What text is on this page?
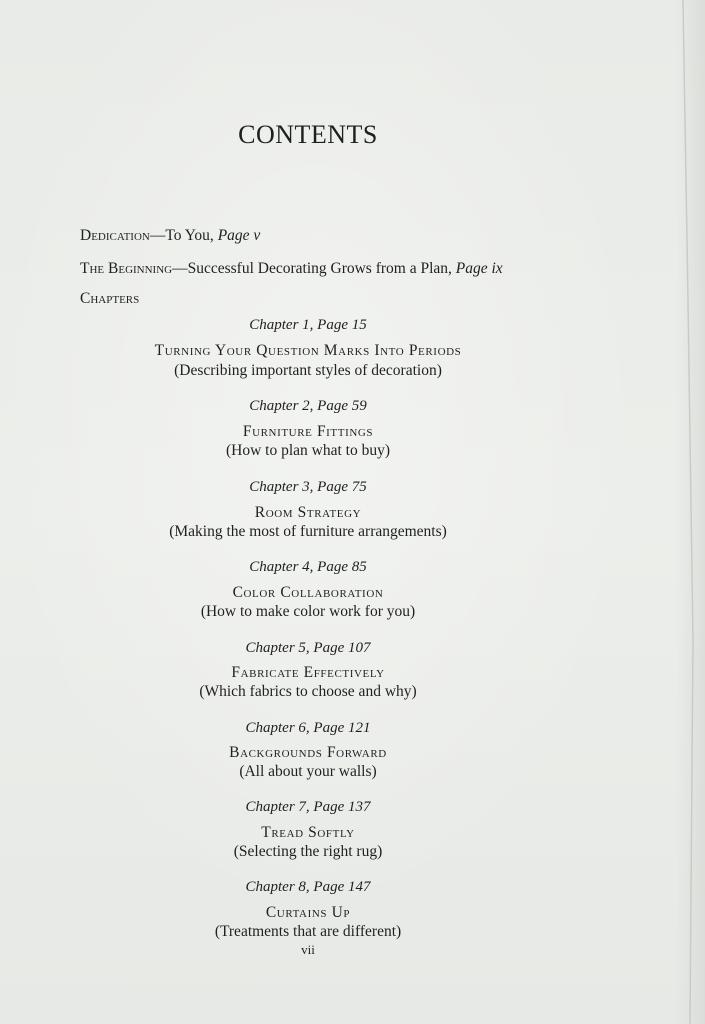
CONTENTS
Dedication—To You, Page v
The Beginning—Successful Decorating Grows from a Plan, Page ix
Chapters
Chapter 1, Page 15
Turning Your Question Marks Into Periods
(Describing important styles of decoration)
Chapter 2, Page 59
Furniture Fittings
(How to plan what to buy)
Chapter 3, Page 75
Room Strategy
(Making the most of furniture arrangements)
Chapter 4, Page 85
Color Collaboration
(How to make color work for you)
Chapter 5, Page 107
Fabricate Effectively
(Which fabrics to choose and why)
Chapter 6, Page 121
Backgrounds Forward
(All about your walls)
Chapter 7, Page 137
Tread Softly
(Selecting the right rug)
Chapter 8, Page 147
Curtains Up
(Treatments that are different)
vii
